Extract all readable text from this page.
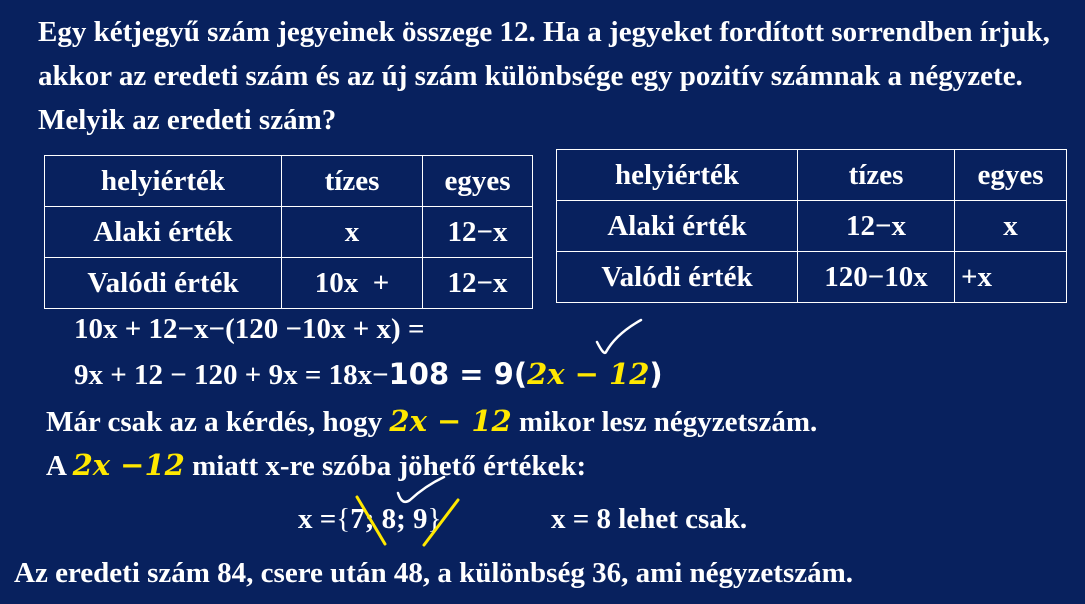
Egy kétjegyű szám jegyeinek összege 12. Ha a jegyeket fordított sorrendben írjuk, akkor az eredeti szám és az új szám különbsége egy pozitív számnak a négyzete. Melyik az eredeti szám?
helyiérték	tízes	egyes
Alaki érték	x	12−x
Valódi érték	10x  +	12−x
helyiérték	tízes	egyes
Alaki érték	12−x	x
Valódi érték	120−10x	+x
10x + 12−x−(120 −10x + x) =
9x + 12 − 120 + 9x = 18x−108 = 9(2x − 12)
Már csak az a kérdés, hogy 2x − 12 mikor lesz négyzetszám.
A 2x −12 miatt x-re szóba jöhető értékek:
x ={7; 8; 9}	x = 8 lehet csak.
Az eredeti szám 84, csere után 48, a különbség 36, ami négyzetszám.
